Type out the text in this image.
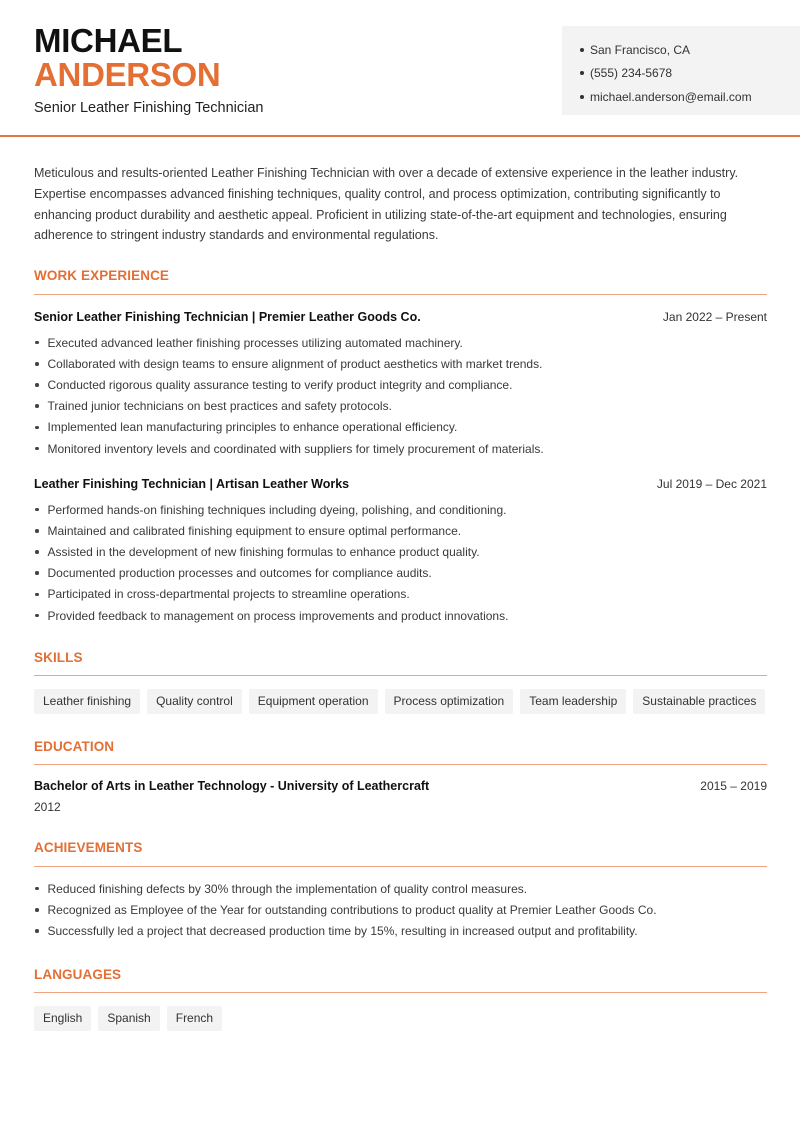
MICHAEL
ANDERSON
Senior Leather Finishing Technician
San Francisco, CA
(555) 234-5678
michael.anderson@email.com

Meticulous and results-oriented Leather Finishing Technician with over a decade of extensive experience in the leather industry. Expertise encompasses advanced finishing techniques, quality control, and process optimization, contributing significantly to enhancing product durability and aesthetic appeal. Proficient in utilizing state-of-the-art equipment and technologies, ensuring adherence to stringent industry standards and environmental regulations.

WORK EXPERIENCE
Senior Leather Finishing Technician | Premier Leather Goods Co.	Jan 2022 – Present
Executed advanced leather finishing processes utilizing automated machinery.
Collaborated with design teams to ensure alignment of product aesthetics with market trends.
Conducted rigorous quality assurance testing to verify product integrity and compliance.
Trained junior technicians on best practices and safety protocols.
Implemented lean manufacturing principles to enhance operational efficiency.
Monitored inventory levels and coordinated with suppliers for timely procurement of materials.
Leather Finishing Technician | Artisan Leather Works	Jul 2019 – Dec 2021
Performed hands-on finishing techniques including dyeing, polishing, and conditioning.
Maintained and calibrated finishing equipment to ensure optimal performance.
Assisted in the development of new finishing formulas to enhance product quality.
Documented production processes and outcomes for compliance audits.
Participated in cross-departmental projects to streamline operations.
Provided feedback to management on process improvements and product innovations.
SKILLS
Leather finishing	Quality control	Equipment operation	Process optimization	Team leadership	Sustainable practices
EDUCATION
Bachelor of Arts in Leather Technology - University of Leathercraft	2015 – 2019
2012
ACHIEVEMENTS
Reduced finishing defects by 30% through the implementation of quality control measures.
Recognized as Employee of the Year for outstanding contributions to product quality at Premier Leather Goods Co.
Successfully led a project that decreased production time by 15%, resulting in increased output and profitability.
LANGUAGES
English	Spanish	French
